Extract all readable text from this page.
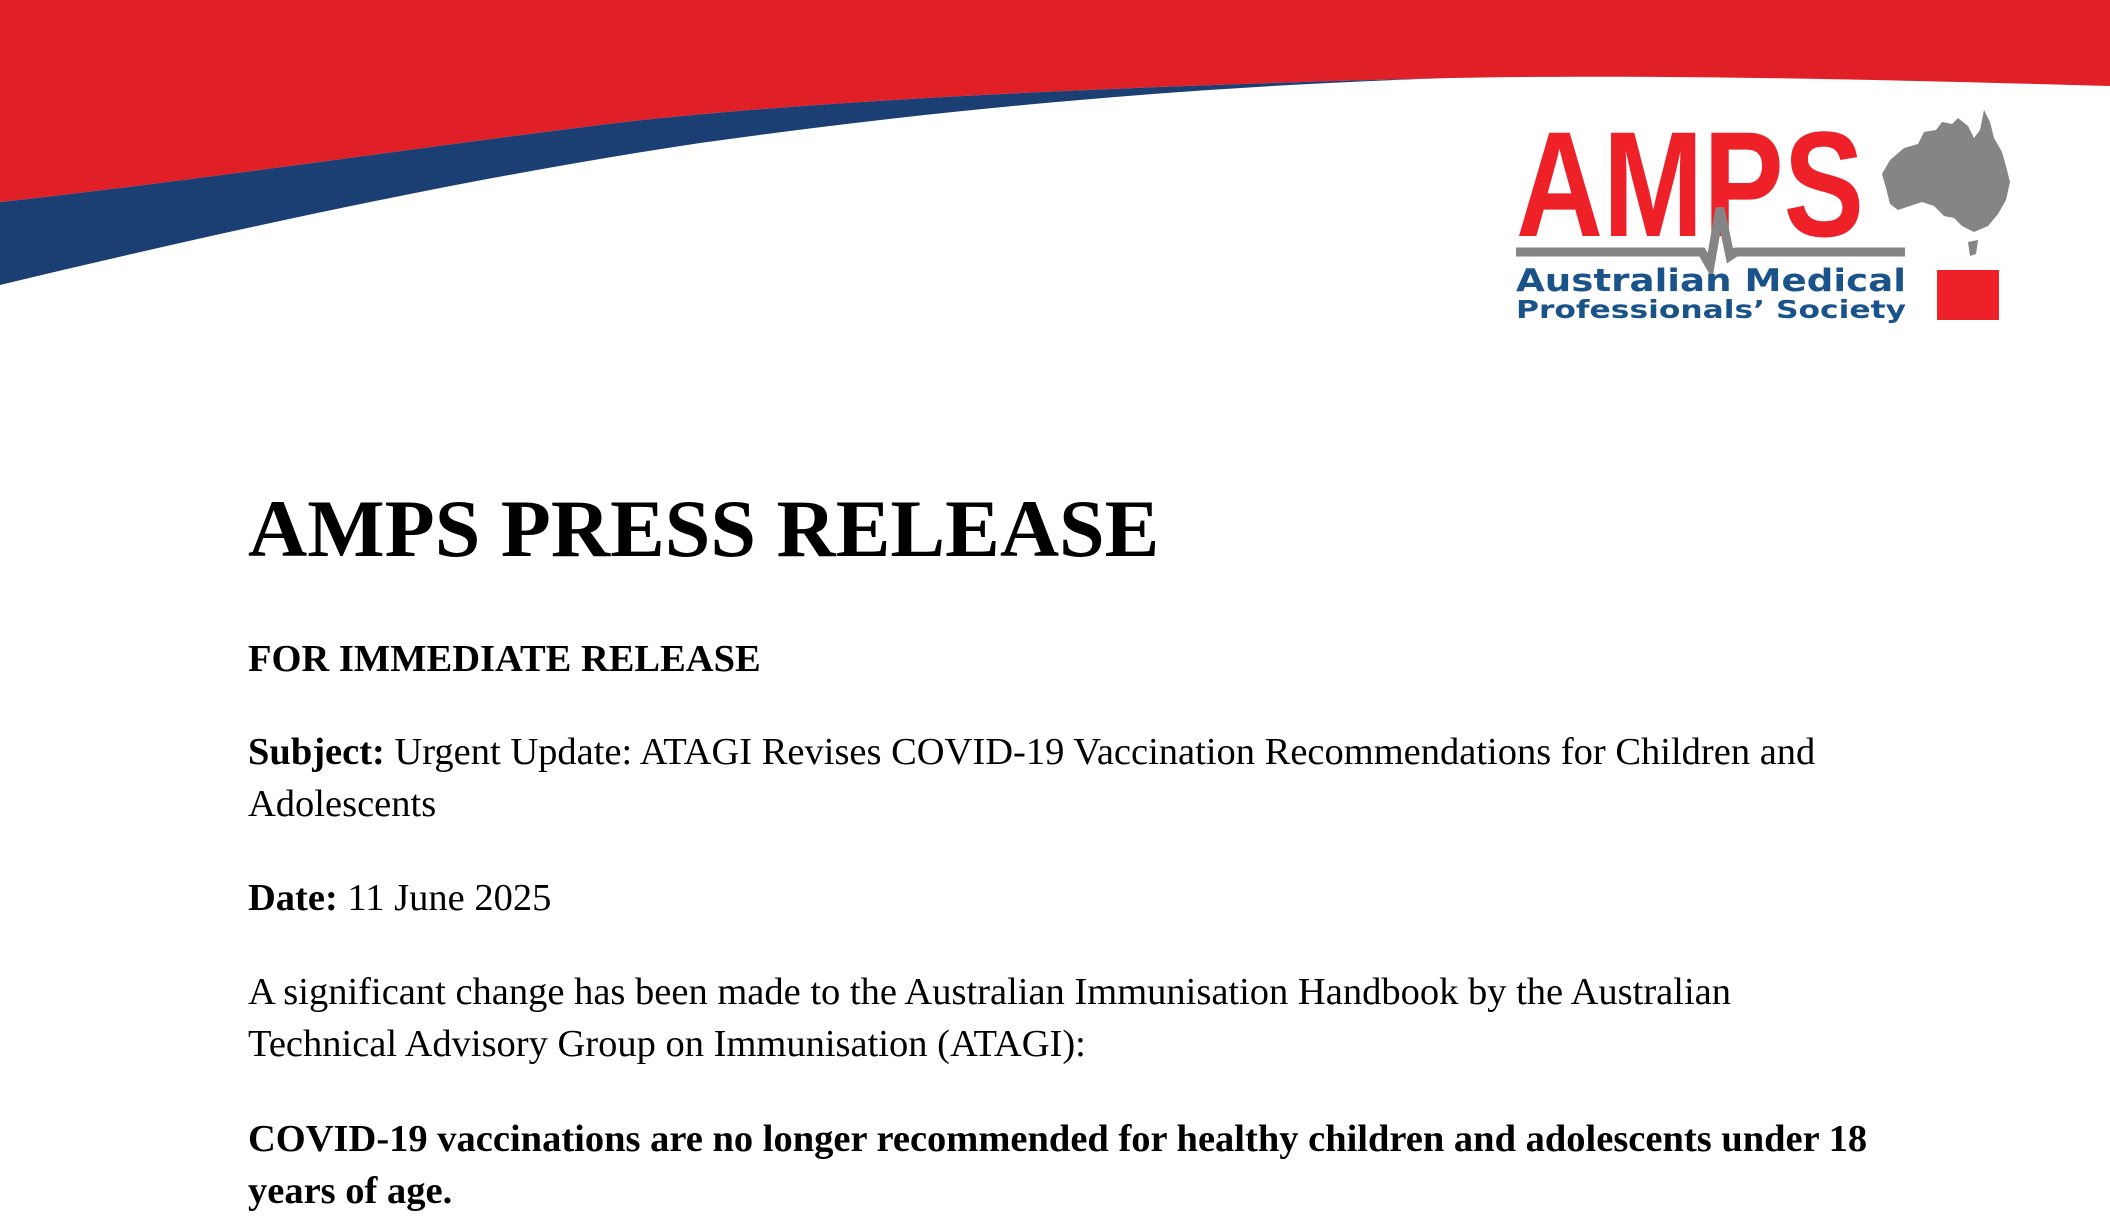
AMPS
Australian Medical
Professionals’ Society
AMPS PRESS RELEASE

FOR IMMEDIATE RELEASE

Subject: Urgent Update: ATAGI Revises COVID-19 Vaccination Recommendations for Children and Adolescents

Date: 11 June 2025

A significant change has been made to the Australian Immunisation Handbook by the Australian Technical Advisory Group on Immunisation (ATAGI):

COVID-19 vaccinations are no longer recommended for healthy children and adolescents under 18 years of age.
